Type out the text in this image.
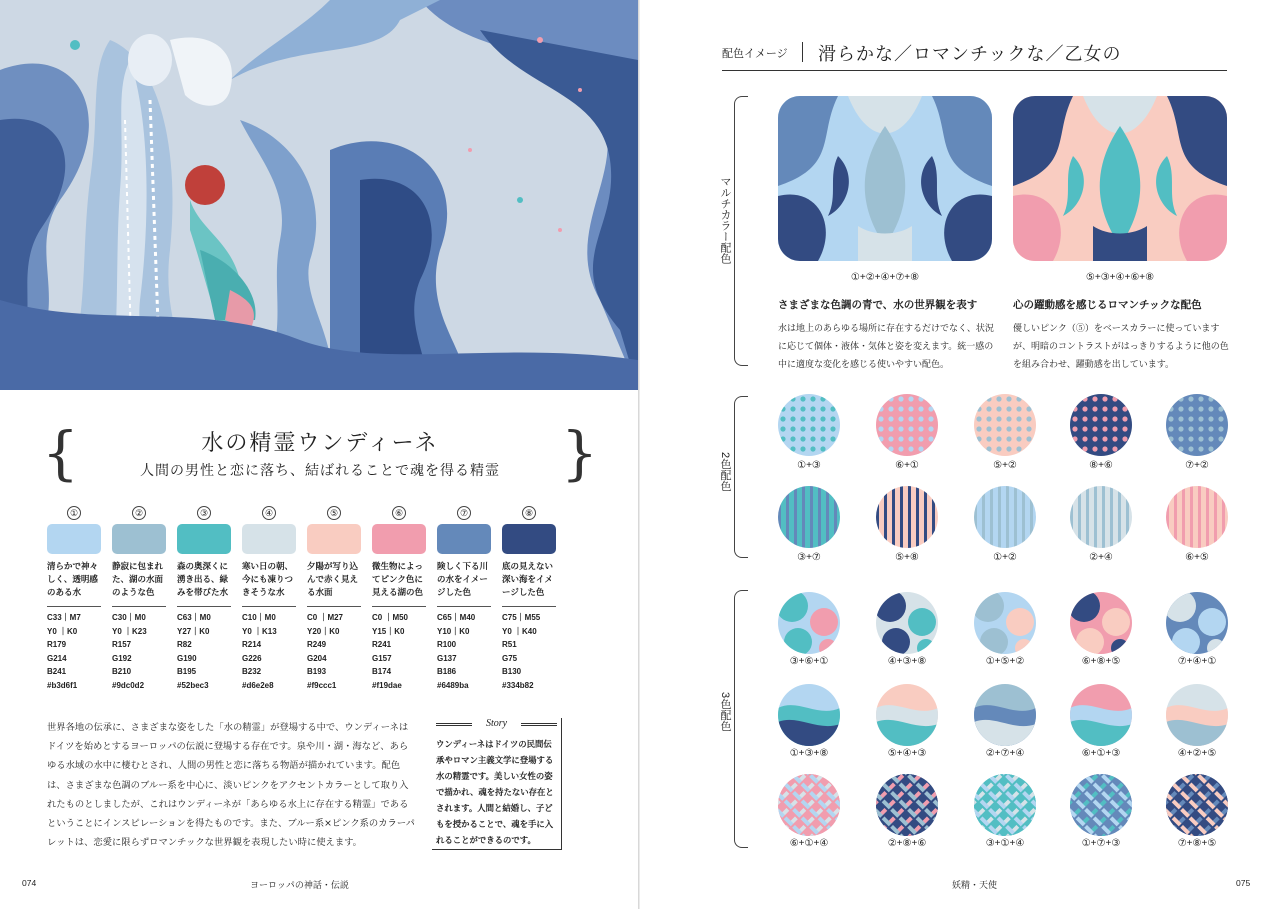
{	水の精霊ウンディーネ
人間の男性と恋に落ち、結ばれることで魂を得る精霊	}
①
清らかで神々しく、透明感のある水
C33｜M7
Y0 ｜K0
R179
G214
B241
#b3d6f1
②
静寂に包まれた、湖の水面のような色
C30｜M0
Y0 ｜K23
R157
G192
B210
#9dc0d2
③
森の奥深くに湧き出る、緑みを帯びた水
C63｜M0
Y27｜K0
R82
G190
B195
#52bec3
④
寒い日の朝、今にも凍りつきそうな水
C10｜M0
Y0 ｜K13
R214
G226
B232
#d6e2e8
⑤
夕陽が写り込んで赤く見える水面
C0 ｜M27
Y20｜K0
R249
G204
B193
#f9ccc1
⑥
微生物によってピンク色に見える湖の色
C0 ｜M50
Y15｜K0
R241
G157
B174
#f19dae
⑦
険しく下る川の水をイメージした色
C65｜M40
Y10｜K0
R100
G137
B186
#6489ba
⑧
底の見えない深い海をイメージした色
C75｜M55
Y0 ｜K40
R51
G75
B130
#334b82
世界各地の伝承に、さまざまな姿をした「水の精霊」が登場する中で、ウンディーネはドイツを始めとするヨーロッパの伝説に登場する存在です。泉や川・湖・海など、あらゆる水域の水中に棲むとされ、人間の男性と恋に落ちる物語が描かれています。配色は、さまざまな色調のブルー系を中心に、淡いピンクをアクセントカラーとして取り入れたものとしましたが、これはウンディーネが「あらゆる水上に存在する精霊」であるということにインスピレーションを得たものです。また、ブルー系×ピンク系のカラーパレットは、恋愛に限らずロマンチックな世界観を表現したい時に使えます。
Story
ウンディーネはドイツの民間伝承やロマン主義文学に登場する水の精霊です。美しい女性の姿で描かれ、魂を持たない存在とされます。人間と結婚し、子どもを授かることで、魂を手に入れることができるのです。
074	ヨーロッパの神話・伝説
配色イメージ 滑らかな／ロマンチックな／乙女の
マルチカラー配色
2色配色
3色配色
①+②+④+⑦+⑧	⑤+③+④+⑥+⑧
さまざまな色調の青で、水の世界観を表す	心の躍動感を感じるロマンチックな配色
水は地上のあらゆる場所に存在するだけでなく、状況に応じて個体・液体・気体と姿を変えます。統一感の中に適度な変化を感じる使いやすい配色。
優しいピンク（⑤）をベースカラーに使っていますが、明暗のコントラストがはっきりするように他の色を組み合わせ、躍動感を出しています。
①+③	⑥+①	⑤+②	⑧+⑥	⑦+②
③+⑦	⑤+⑧	①+②	②+④	⑥+⑤
③+⑥+①	④+③+⑧	①+⑤+②	⑥+⑧+⑤	⑦+④+①
①+③+⑧	⑤+④+③	②+⑦+④	⑥+①+③	④+②+⑤
⑥+①+④	②+⑧+⑥	③+①+④	①+⑦+③	⑦+⑧+⑤
妖精・天使	075
